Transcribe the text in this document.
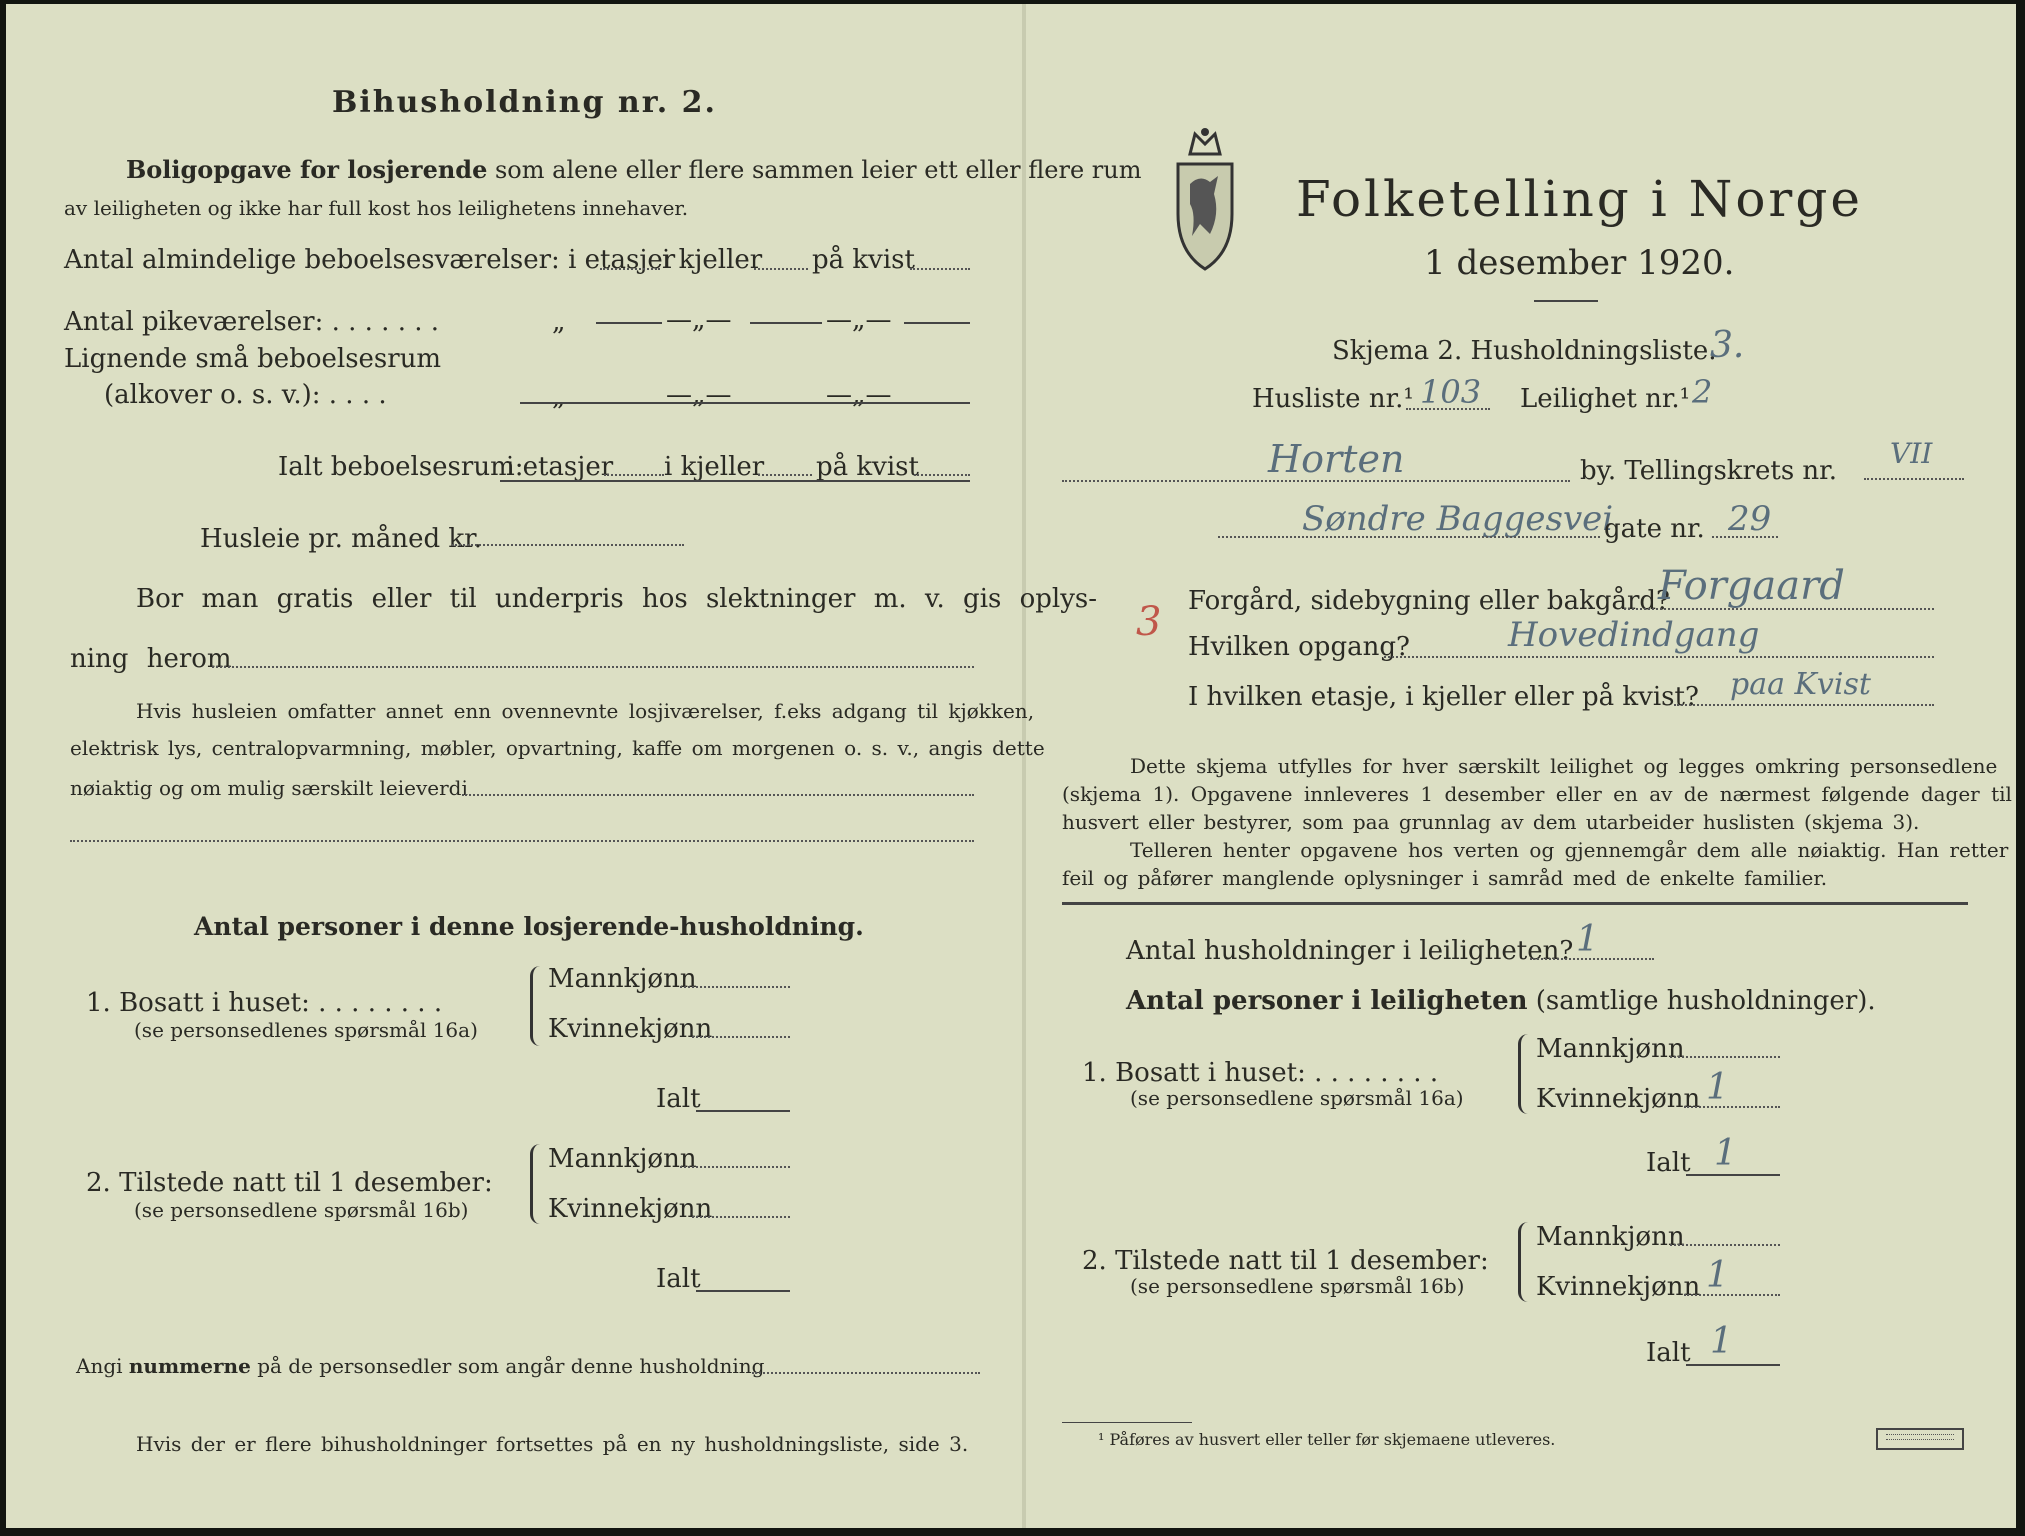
Bihusholdning nr. 2.
Boligopgave for losjerende som alene eller flere sammen leier ett eller flere rum
av leiligheten og ikke har full kost hos leilighetens innehaver.
Antal almindelige beboelsesværelser: i etasjer
i kjeller på kvist
Antal pikeværelser: . . . . . . .	„	—„—	—„—
Lignende små beboelsesrum
(alkover o. s. v.): . . . .	„	—„—	—„—
Ialt beboelsesrum:
i etasjer i kjeller på kvist
Husleie pr. måned kr.
Bor man gratis eller til underpris hos slektninger m. v. gis oplys-
ning herom
Hvis husleien omfatter annet enn ovennevnte losjiværelser, f.eks adgang til kjøkken,
elektrisk lys, centralopvarmning, møbler, opvartning, kaffe om morgenen o. s. v., angis dette
nøiaktig og om mulig særskilt leieverdi
Antal personer i denne losjerende-husholdning.
1. Bosatt i huset: . . . . . . . .
(se personsedlenes spørsmål 16a)
Mannkjønn
Kvinnekjønn
Ialt
2. Tilstede natt til 1 desember:
(se personsedlene spørsmål 16b)
Mannkjønn
Kvinnekjønn
Ialt
Angi nummerne på de personsedler som angår denne husholdning
Hvis der er flere bihusholdninger fortsettes på en ny husholdningsliste, side 3.
Folketelling i Norge
1 desember 1920.
Skjema 2. Husholdningsliste.
3.
Husliste nr.¹ 103 Leilighet nr.¹ 2
Horten	by. Tellingskrets nr.
VII
Søndre Baggesvei
gate nr. 29
3 Forgård, sidebygning eller bakgård?
Forgaard
Hvilken opgang?	Hovedindgang
I hvilken etasje, i kjeller eller på kvist? paa Kvist
Dette skjema utfylles for hver særskilt leilighet og legges omkring personsedlene
(skjema 1). Opgavene innleveres 1 desember eller en av de nærmest følgende dager til
husvert eller bestyrer, som paa grunnlag av dem utarbeider huslisten (skjema 3).
Telleren henter opgavene hos verten og gjennemgår dem alle nøiaktig. Han retter
feil og påfører manglende oplysninger i samråd med de enkelte familier.
Antal husholdninger i leiligheten? 1
Antal personer i leiligheten (samtlige husholdninger).
1. Bosatt i huset: . . . . . . . .
(se personsedlene spørsmål 16a)
Mannkjønn
Kvinnekjønn 1
Ialt 1
2. Tilstede natt til 1 desember:
(se personsedlene spørsmål 16b)
Mannkjønn
Kvinnekjønn 1
Ialt 1
¹ Påføres av husvert eller teller før skjemaene utleveres.
